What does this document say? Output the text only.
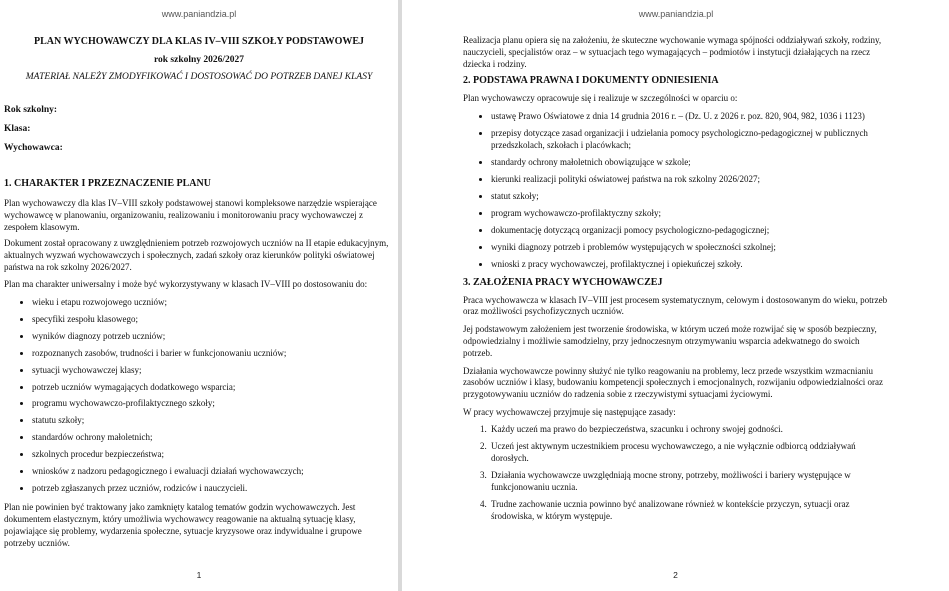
www.paniandzia.pl
PLAN WYCHOWAWCZY DLA KLAS IV–VIII SZKOŁY PODSTAWOWEJ
rok szkolny 2026/2027
MATERIAŁ NALEŻY ZMODYFIKOWAĆ I DOSTOSOWAĆ DO POTRZEB DANEJ KLASY
Rok szkolny:
Klasa:
Wychowawca:
1. CHARAKTER I PRZEZNACZENIE PLANU

Plan wychowawczy dla klas IV–VIII szkoły podstawowej stanowi kompleksowe narzędzie wspierające wychowawcę w planowaniu, organizowaniu, realizowaniu i monitorowaniu pracy wychowawczej z zespołem klasowym.

Dokument został opracowany z uwzględnieniem potrzeb rozwojowych uczniów na II etapie edukacyjnym, aktualnych wyzwań wychowawczych i społecznych, zadań szkoły oraz kierunków polityki oświatowej państwa na rok szkolny 2026/2027.

Plan ma charakter uniwersalny i może być wykorzystywany w klasach IV–VIII po dostosowaniu do:

• wieku i etapu rozwojowego uczniów;
• specyfiki zespołu klasowego;
• wyników diagnozy potrzeb uczniów;
• rozpoznanych zasobów, trudności i barier w funkcjonowaniu uczniów;
• sytuacji wychowawczej klasy;
• potrzeb uczniów wymagających dodatkowego wsparcia;
• programu wychowawczo-profilaktycznego szkoły;
• statutu szkoły;
• standardów ochrony małoletnich;
• szkolnych procedur bezpieczeństwa;
• wniosków z nadzoru pedagogicznego i ewaluacji działań wychowawczych;
• potrzeb zgłaszanych przez uczniów, rodziców i nauczycieli.

Plan nie powinien być traktowany jako zamknięty katalog tematów godzin wychowawczych. Jest dokumentem elastycznym, który umożliwia wychowawcy reagowanie na aktualną sytuację klasy, pojawiające się problemy, wydarzenia społeczne, sytuacje kryzysowe oraz indywidualne i grupowe potrzeby uczniów.

1
www.paniandzia.pl

Realizacja planu opiera się na założeniu, że skuteczne wychowanie wymaga spójności oddziaływań szkoły, rodziny, nauczycieli, specjalistów oraz – w sytuacjach tego wymagających – podmiotów i instytucji działających na rzecz dziecka i rodziny.

2. PODSTAWA PRAWNA I DOKUMENTY ODNIESIENIA

Plan wychowawczy opracowuje się i realizuje w szczególności w oparciu o:

• ustawę Prawo Oświatowe z dnia 14 grudnia 2016 r. – (Dz. U. z 2026 r. poz. 820, 904, 982, 1036 i 1123)
• przepisy dotyczące zasad organizacji i udzielania pomocy psychologiczno-pedagogicznej w publicznych przedszkolach, szkołach i placówkach;
• standardy ochrony małoletnich obowiązujące w szkole;
• kierunki realizacji polityki oświatowej państwa na rok szkolny 2026/2027;
• statut szkoły;
• program wychowawczo-profilaktyczny szkoły;
• dokumentację dotyczącą organizacji pomocy psychologiczno-pedagogicznej;
• wyniki diagnozy potrzeb i problemów występujących w społeczności szkolnej;
• wnioski z pracy wychowawczej, profilaktycznej i opiekuńczej szkoły.
3. ZAŁOŻENIA PRACY WYCHOWAWCZEJ

Praca wychowawcza w klasach IV–VIII jest procesem systematycznym, celowym i dostosowanym do wieku, potrzeb oraz możliwości psychofizycznych uczniów.

Jej podstawowym założeniem jest tworzenie środowiska, w którym uczeń może rozwijać się w sposób bezpieczny, odpowiedzialny i możliwie samodzielny, przy jednoczesnym otrzymywaniu wsparcia adekwatnego do swoich potrzeb.

Działania wychowawcze powinny służyć nie tylko reagowaniu na problemy, lecz przede wszystkim wzmacnianiu zasobów uczniów i klasy, budowaniu kompetencji społecznych i emocjonalnych, rozwijaniu odpowiedzialności oraz przygotowywaniu uczniów do radzenia sobie z rzeczywistymi sytuacjami życiowymi.

W pracy wychowawczej przyjmuje się następujące zasady:

1. Każdy uczeń ma prawo do bezpieczeństwa, szacunku i ochrony swojej godności.
2. Uczeń jest aktywnym uczestnikiem procesu wychowawczego, a nie wyłącznie odbiorcą oddziaływań dorosłych.
3. Działania wychowawcze uwzględniają mocne strony, potrzeby, możliwości i bariery występujące w funkcjonowaniu ucznia.
4. Trudne zachowanie ucznia powinno być analizowane również w kontekście przyczyn, sytuacji oraz środowiska, w którym występuje.
2
